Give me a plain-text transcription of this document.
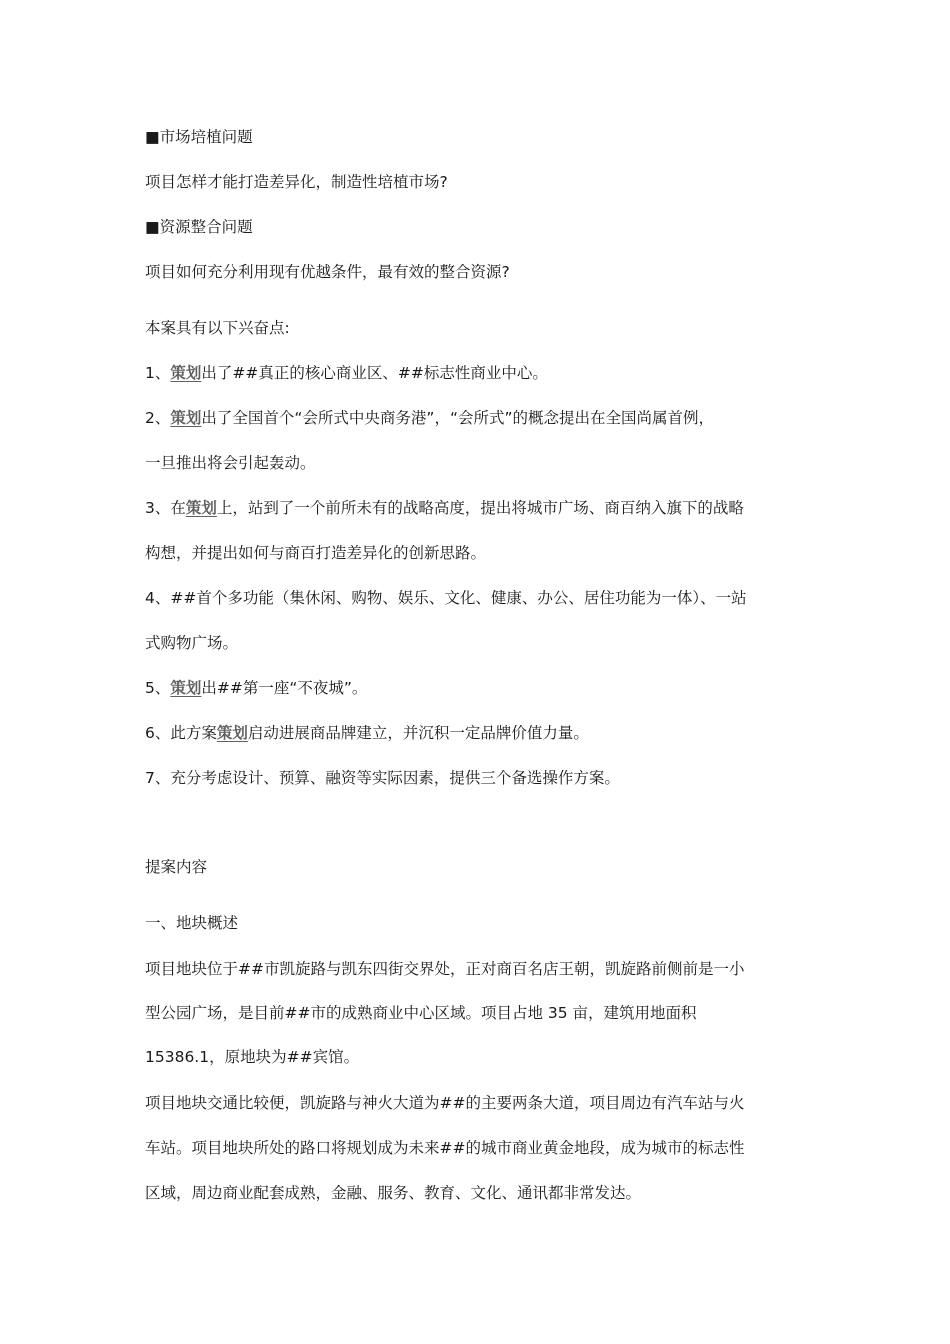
■市场培植问题
项目怎样才能打造差异化，制造性培植市场?
■资源整合问题
项目如何充分利用现有优越条件，最有效的整合资源?
本案具有以下兴奋点:
1、策划出了##真正的核心商业区、##标志性商业中心。
2、策划出了全国首个“会所式中央商务港”，“会所式”的概念提出在全国尚属首例，
一旦推出将会引起轰动。
3、在策划上，站到了一个前所未有的战略高度，提出将城市广场、商百纳入旗下的战略
构想，并提出如何与商百打造差异化的创新思路。
4、##首个多功能（集休闲、购物、娱乐、文化、健康、办公、居住功能为一体）、一站
式购物广场。
5、策划出##第一座“不夜城”。
6、此方案策划启动进展商品牌建立，并沉积一定品牌价值力量。
7、充分考虑设计、预算、融资等实际因素，提供三个备选操作方案。
提案内容
一、地块概述
项目地块位于##市凯旋路与凯东四街交界处，正对商百名店王朝，凯旋路前侧前是一小
型公园广场，是目前##市的成熟商业中心区域。项目占地 35 亩，建筑用地面积
15386.1，原地块为##宾馆。
项目地块交通比较便，凯旋路与神火大道为##的主要两条大道，项目周边有汽车站与火
车站。项目地块所处的路口将规划成为未来##的城市商业黄金地段，成为城市的标志性
区域，周边商业配套成熟，金融、服务、教育、文化、通讯都非常发达。
